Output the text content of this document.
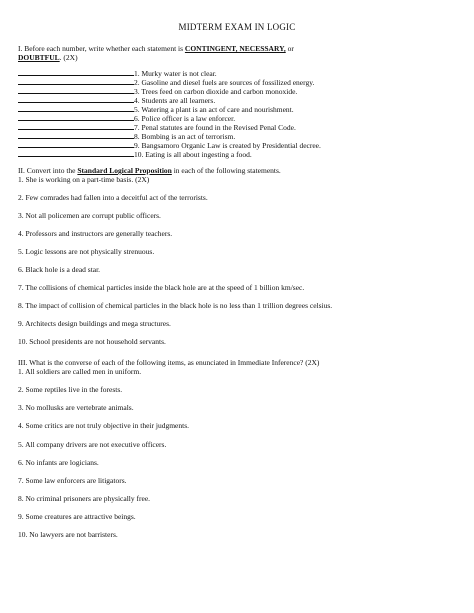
MIDTERM EXAM IN LOGIC
I. Before each number, write whether each statement is CONTINGENT, NECESSARY, or
DOUBTFUL. (2X)
1. Murky water is not clear.
2. Gasoline and diesel fuels are sources of fossilized energy.
3. Trees feed on carbon dioxide and carbon monoxide.
4. Students are all learners.
5. Watering a plant is an act of care and nourishment.
6. Police officer is a law enforcer.
7. Penal statutes are found in the Revised Penal Code.
8. Bombing is an act of terrorism.
9. Bangsamoro Organic Law is created by Presidential decree.
10. Eating is all about ingesting a food.
II. Convert into the Standard Logical Proposition in each of the following statements.
1. She is working on a part-time basis. (2X)
2. Few comrades had fallen into a deceitful act of the terrorists.
3. Not all policemen are corrupt public officers.
4. Professors and instructors are generally teachers.
5. Logic lessons are not physically strenuous.
6. Black hole is a dead star.
7. The collisions of chemical particles inside the black hole are at the speed of 1 billion km/sec.
8. The impact of collision of chemical particles in the black hole is no less than 1 trillion degrees celsius.
9. Architects design buildings and mega structures.
10. School presidents are not household servants.
III. What is the converse of each of the following items, as enunciated in Immediate Inference? (2X)
1. All soldiers are called men in uniform.
2. Some reptiles live in the forests.
3. No mollusks are vertebrate animals.
4. Some critics are not truly objective in their judgments.
5. All company drivers are not executive officers.
6. No infants are logicians.
7. Some law enforcers are litigators.
8. No criminal prisoners are physically free.
9. Some creatures are attractive beings.
10. No lawyers are not barristers.
